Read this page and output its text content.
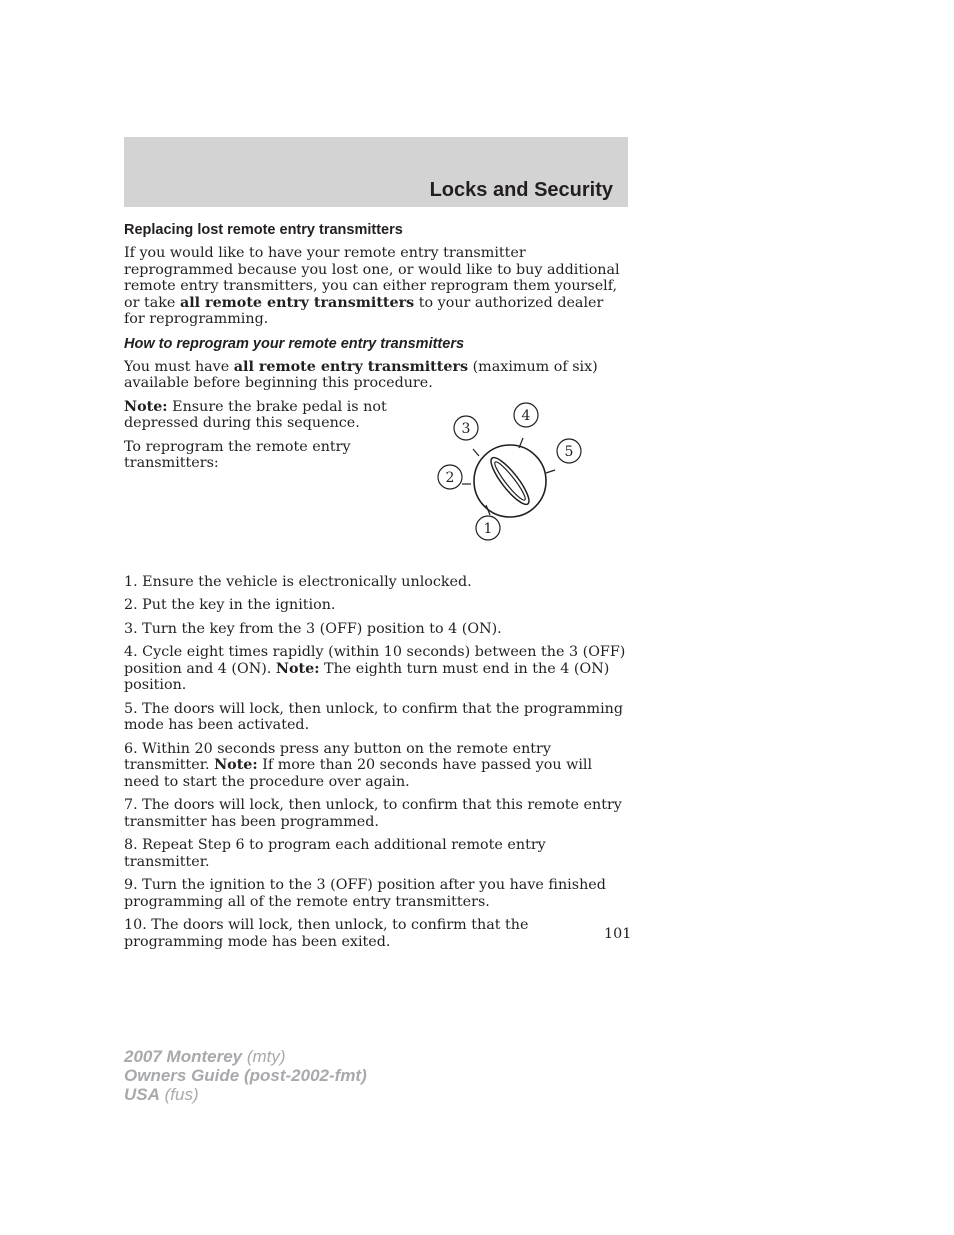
Locks and Security
Replacing lost remote entry transmitters

If you would like to have your remote entry transmitter reprogrammed because you lost one, or would like to buy additional remote entry transmitters, you can either reprogram them yourself, or take all remote entry transmitters to your authorized dealer for reprogramming.

How to reprogram your remote entry transmitters

You must have all remote entry transmitters (maximum of six) available before beginning this procedure.

Note: Ensure the brake pedal is not depressed during this sequence.

To reprogram the remote entry transmitters:

1
2
3
4
5

1. Ensure the vehicle is electronically unlocked.

2. Put the key in the ignition.

3. Turn the key from the 3 (OFF) position to 4 (ON).

4. Cycle eight times rapidly (within 10 seconds) between the 3 (OFF) position and 4 (ON). Note: The eighth turn must end in the 4 (ON) position.

5. The doors will lock, then unlock, to confirm that the programming mode has been activated.

6. Within 20 seconds press any button on the remote entry transmitter. Note: If more than 20 seconds have passed you will need to start the procedure over again.

7. The doors will lock, then unlock, to confirm that this remote entry transmitter has been programmed.

8. Repeat Step 6 to program each additional remote entry transmitter.

9. Turn the ignition to the 3 (OFF) position after you have finished programming all of the remote entry transmitters.

10. The doors will lock, then unlock, to confirm that the programming mode has been exited.	101

2007 Monterey (mty)
Owners Guide (post-2002-fmt)
USA (fus)
